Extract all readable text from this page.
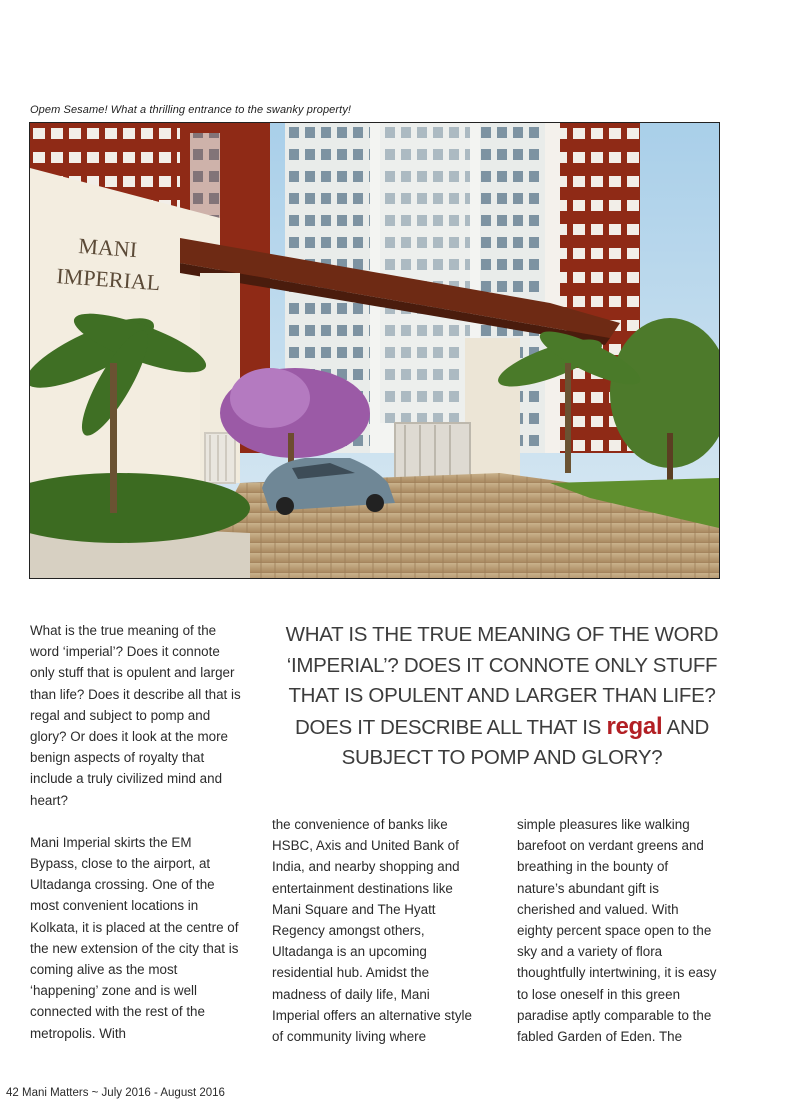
Opem Sesame! What a thrilling entrance to the swanky property!
MANI
IMPERIAL

What is the true meaning of the word ‘imperial’? Does it connote only stuff that is opulent and larger than life? Does it describe all that is regal and subject to pomp and glory? Or does it look at the more benign aspects of royalty that include a truly civilized mind and heart?

Mani Imperial skirts the EM Bypass, close to the airport, at Ultadanga crossing. One of the most convenient locations in Kolkata, it is placed at the centre of the new extension of the city that is coming alive as the most ‘happening’ zone and is well connected with the rest of the metropolis. With

WHAT IS THE TRUE MEANING OF THE WORD ‘IMPERIAL’? DOES IT CONNOTE ONLY STUFF THAT IS OPULENT AND LARGER THAN LIFE? DOES IT DESCRIBE ALL THAT IS regal AND SUBJECT TO POMP AND GLORY?

the convenience of banks like HSBC, Axis and United Bank of India, and nearby shopping and entertainment destinations like Mani Square and The Hyatt Regency amongst others, Ultadanga is an upcoming residential hub. Amidst the madness of daily life, Mani Imperial offers an alternative style of community living where

simple pleasures like walking barefoot on verdant greens and breathing in the bounty of nature’s abundant gift is cherished and valued. With eighty percent space open to the sky and a variety of flora thoughtfully intertwining, it is easy to lose oneself in this green paradise aptly comparable to the fabled Garden of Eden. The

42 Mani Matters ~ July 2016 - August 2016
